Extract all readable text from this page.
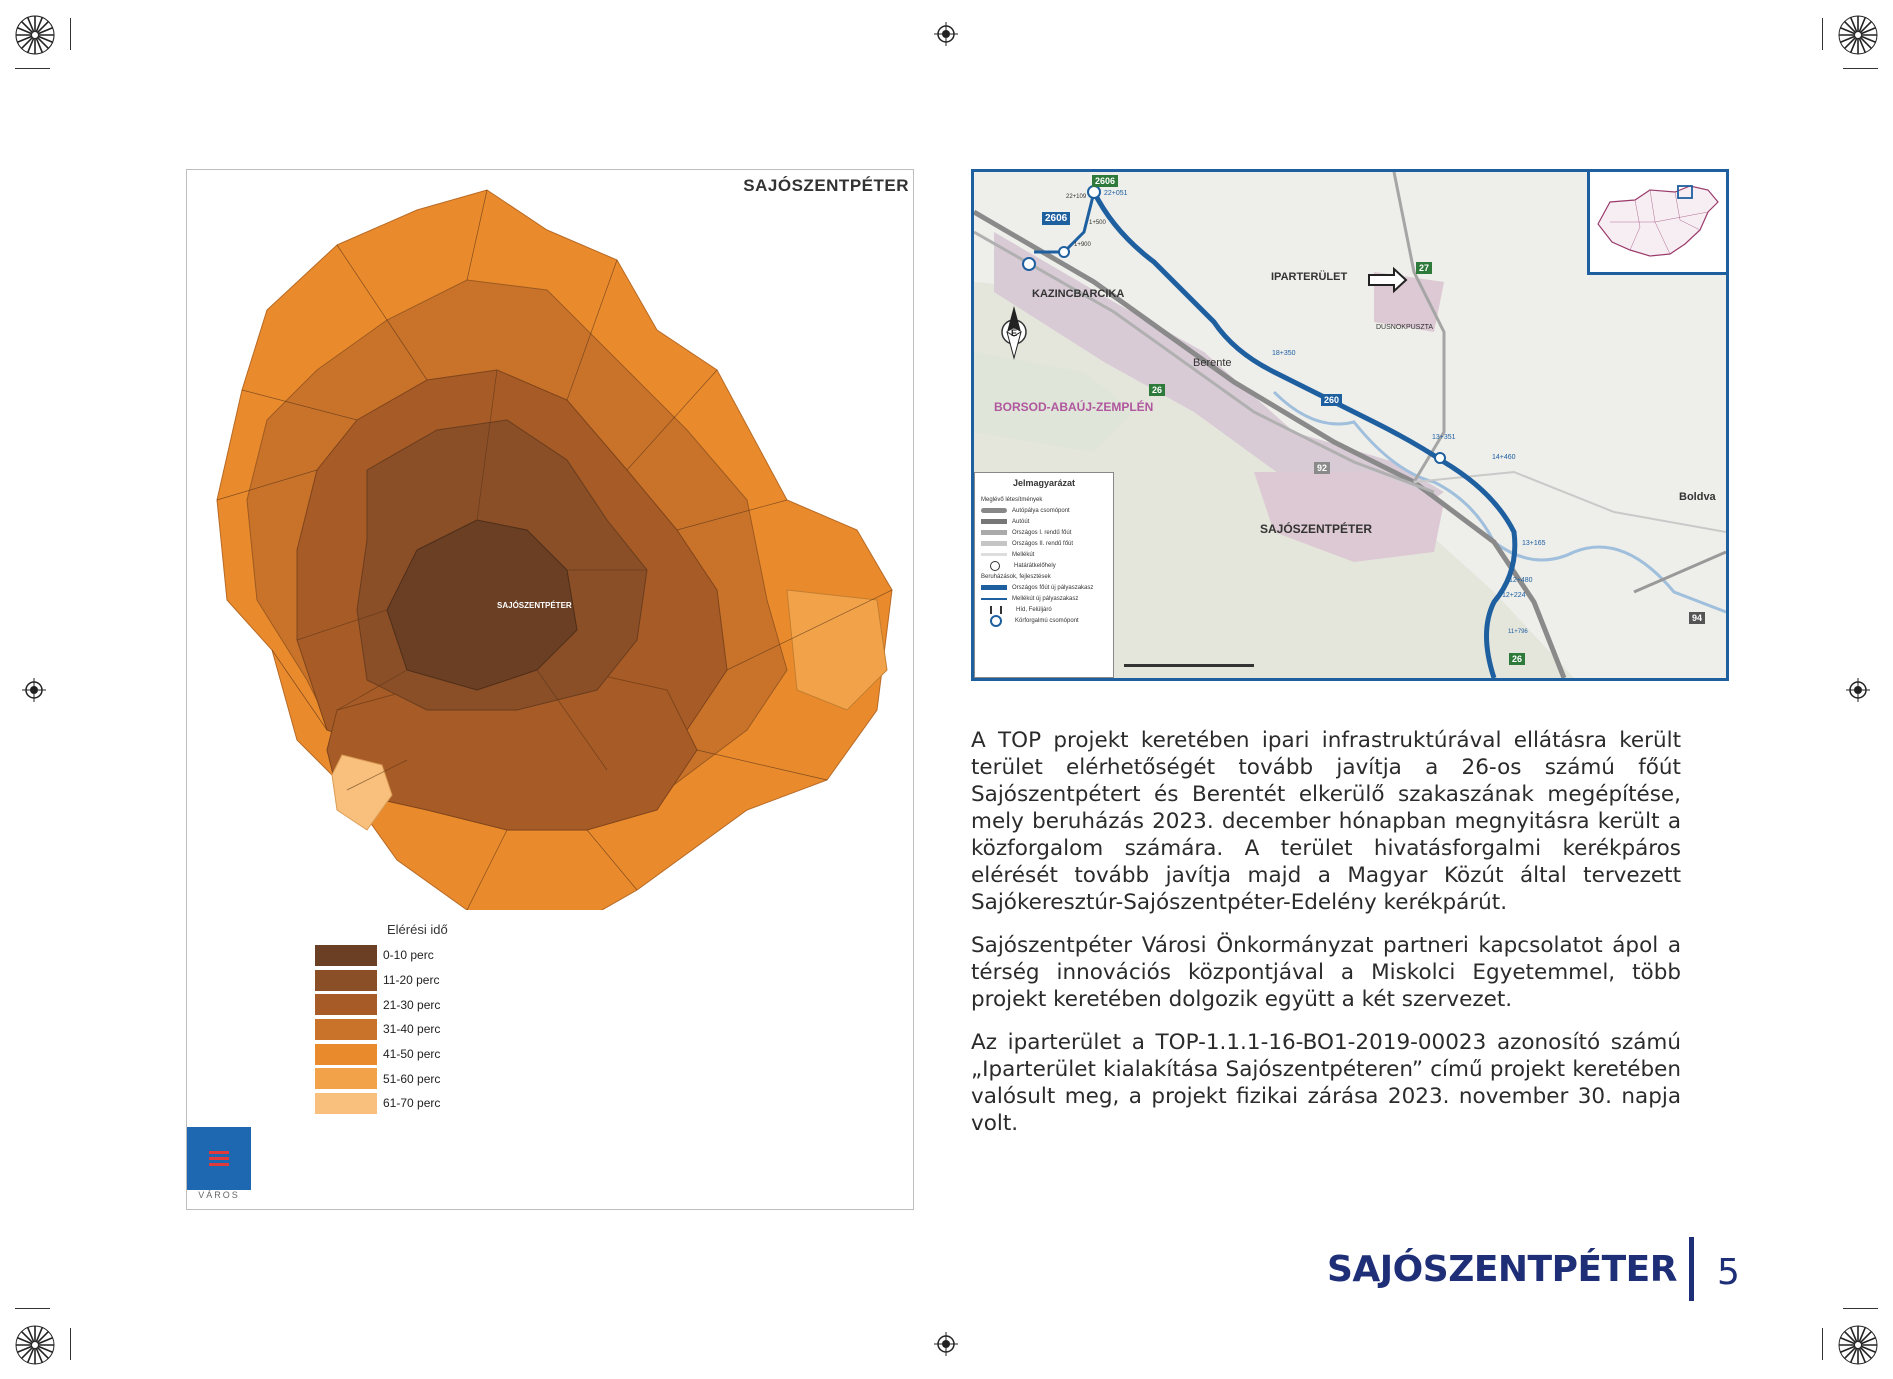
SAJÓSZENTPÉTER
SAJÓSZENTPÉTER
Elérési idő
0-10 perc
11-20 perc
21-30 perc
31-40 perc
41-50 perc
51-60 perc
61-70 perc
VÁROS
É
2606
2606
27
26
260
92
26
94
KAZINCBARCIKA
IPARTERÜLET
Berente
BORSOD-ABAÚJ-ZEMPLÉN
SAJÓSZENTPÉTER
Boldva
DUSNOKPUSZTA
22+051
22+109
1+500
1+900
18+350
13+351
14+460
13+165
12+480
12+224
11+796
Jelmagyarázat
Meglévő létesítmények
Autópálya csomópont
Autóút
Országos I. rendű főút
Országos II. rendű főút
Mellékút
Határátkelőhely
Beruházások, fejlesztések
Országos főút új pályaszakasz
Mellékút új pályaszakasz
Híd, Felüljáró
Körforgalmú csomópont

A TOP projekt keretében ipari infrastruktúrával ellátásra került terület elérhetőségét tovább javítja a 26-os számú főút Sajószentpétert és Berentét elkerülő szakaszának megépítése, mely beruházás 2023. december hónapban megnyitásra került a közforgalom számára. A terület hivatásforgalmi kerékpáros elérését tovább javítja majd a Magyar Közút által tervezett Sajókeresztúr-Sajószentpéter-Edelény kerékpárút.

Sajószentpéter Városi Önkormányzat partneri kapcsolatot ápol a térség innovációs központjával a Miskolci Egyetemmel, több projekt keretében dolgozik együtt a két szervezet.

Az iparterület a TOP-1.1.1-16-BO1-2019-00023 azonosító számú „Iparterület kialakítása Sajószentpéteren” című projekt keretében valósult meg, a projekt fizikai zárása 2023. november 30. napja volt.

SAJÓSZENTPÉTER 5
